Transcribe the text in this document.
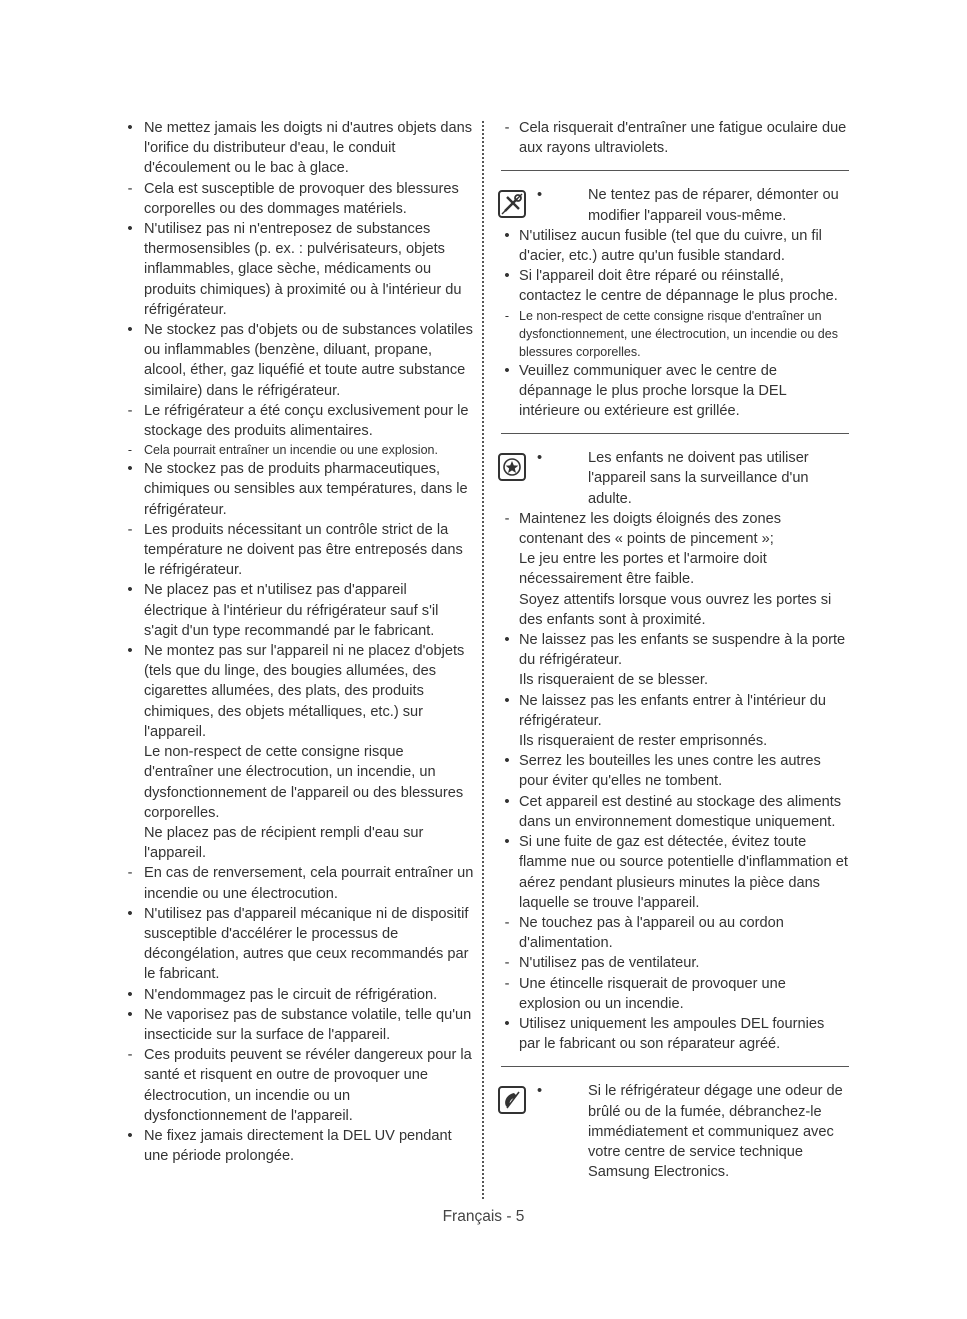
•

Ne mettez jamais les doigts ni d'autres objets dans l'orifice du distributeur d'eau, le conduit d'écoulement ou le bac à glace.

-

Cela est susceptible de provoquer des blessures corporelles ou des dommages matériels.

•

N'utilisez pas ni n'entreposez de substances thermosensibles (p. ex. : pulvérisateurs, objets inflammables, glace sèche, médicaments ou produits chimiques) à proximité ou à l'intérieur du réfrigérateur.

•

Ne stockez pas d'objets ou de substances volatiles ou inflammables (benzène, diluant, propane, alcool, éther, gaz liquéfié et toute autre substance similaire) dans le réfrigérateur.

-

Le réfrigérateur a été conçu exclusivement pour le stockage des produits alimentaires.

-

Cela pourrait entraîner un incendie ou une explosion.

•

Ne stockez pas de produits pharmaceutiques, chimiques ou sensibles aux températures, dans le réfrigérateur.

-

Les produits nécessitant un contrôle strict de la température ne doivent pas être entreposés dans le réfrigérateur.

•

Ne placez pas et n'utilisez pas d'appareil électrique à l'intérieur du réfrigérateur sauf s'il s'agit d'un type recommandé par le fabricant.

•

Ne montez pas sur l'appareil ni ne placez d'objets (tels que du linge, des bougies allumées, des cigarettes allumées, des plats, des produits chimiques, des objets métalliques, etc.) sur l'appareil.

Le non-respect de cette consigne risque d'entraîner une électrocution, un incendie, un dysfonctionnement de l'appareil ou des blessures corporelles.

Ne placez pas de récipient rempli d'eau sur l'appareil.

-

En cas de renversement, cela pourrait entraîner un incendie ou une électrocution.

•

N'utilisez pas d'appareil mécanique ni de dispositif susceptible d'accélérer le processus de décongélation, autres que ceux recommandés par le fabricant.

•

N'endommagez pas le circuit de réfrigération.

•

Ne vaporisez pas de substance volatile, telle qu'un insecticide sur la surface de l'appareil.

-

Ces produits peuvent se révéler dangereux pour la santé et risquent en outre de provoquer une électrocution, un incendie ou un dysfonctionnement de l'appareil.

•

Ne fixez jamais directement la DEL UV pendant une période prolongée.

-

Cela risquerait d'entraîner une fatigue oculaire due aux rayons ultraviolets.

•
Ne tentez pas de réparer, démonter ou modifier l'appareil vous-même.
•

N'utilisez aucun fusible (tel que du cuivre, un fil d'acier, etc.) autre qu'un fusible standard.

•

Si l'appareil doit être réparé ou réinstallé, contactez le centre de dépannage le plus proche.

-

Le non-respect de cette consigne risque d'entraîner un dysfonctionnement, une électrocution, un incendie ou des blessures corporelles.

•

Veuillez communiquer avec le centre de dépannage le plus proche lorsque la DEL intérieure ou extérieure est grillée.

•
Les enfants ne doivent pas utiliser l'appareil sans la surveillance d'un adulte.
-

Maintenez les doigts éloignés des zones contenant des « points de pincement »;

Le jeu entre les portes et l'armoire doit nécessairement être faible.

Soyez attentifs lorsque vous ouvrez les portes si des enfants sont à proximité.

•

Ne laissez pas les enfants se suspendre à la porte du réfrigérateur.

Ils risqueraient de se blesser.

•

Ne laissez pas les enfants entrer à l'intérieur du réfrigérateur.

Ils risqueraient de rester emprisonnés.

•

Serrez les bouteilles les unes contre les autres pour éviter qu'elles ne tombent.

•

Cet appareil est destiné au stockage des aliments dans un environnement domestique uniquement.

•

Si une fuite de gaz est détectée, évitez toute flamme nue ou source potentielle d'inflammation et aérez pendant plusieurs minutes la pièce dans laquelle se trouve l'appareil.

-

Ne touchez pas à l'appareil ou au cordon d'alimentation.

-

N'utilisez pas de ventilateur.

-

Une étincelle risquerait de provoquer une explosion ou un incendie.

•

Utilisez uniquement les ampoules DEL fournies par le fabricant ou son réparateur agréé.

•
Si le réfrigérateur dégage une odeur de brûlé ou de la fumée, débranchez-le immédiatement et communiquez avec votre centre de service technique Samsung Electronics.
Français - 5
